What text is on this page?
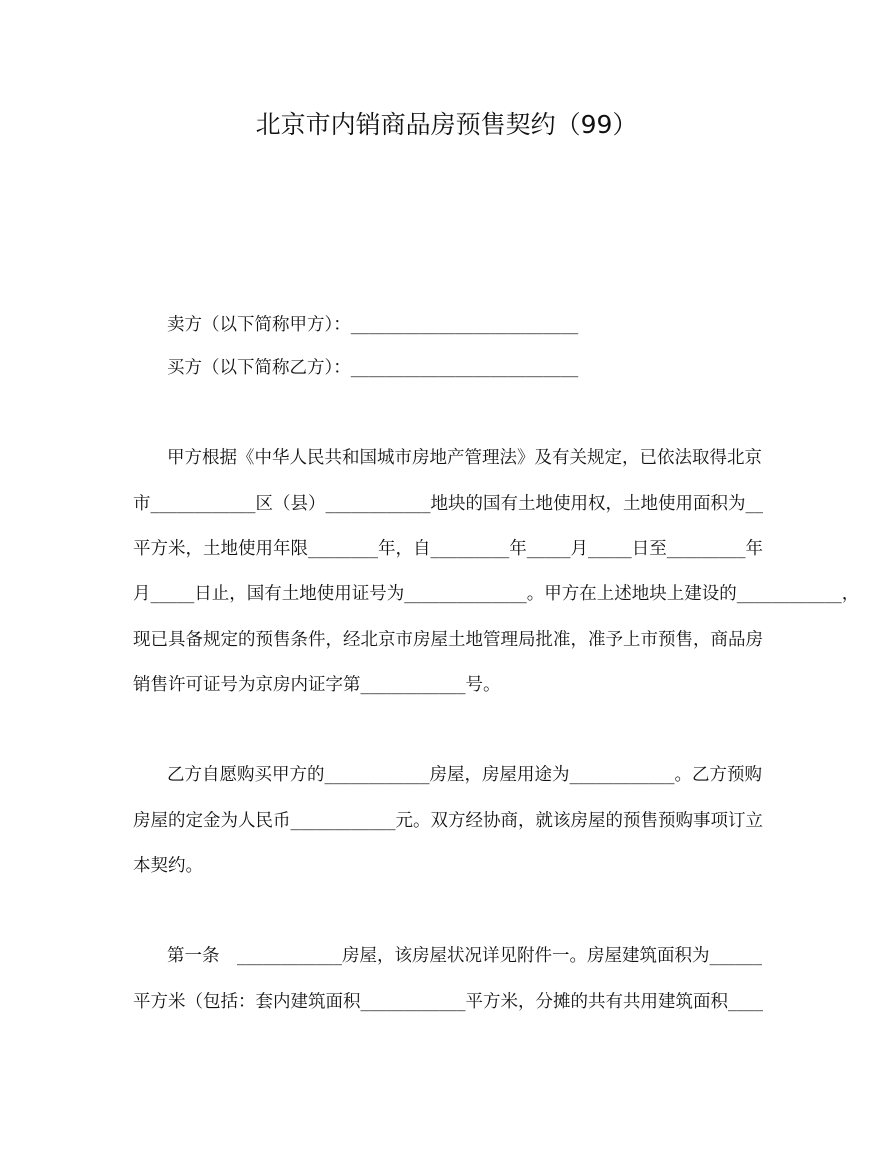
北京市内销商品房预售契约（99）
卖方（以下简称甲方）：__________________________
买方（以下简称乙方）：__________________________
甲方根据《中华人民共和国城市房地产管理法》及有关规定，已依法取得北京
市____________区（县）____________地块的国有土地使用权，土地使用面积为__
平方米，土地使用年限________年，自_________年_____月_____日至_________年
月_____日止，国有土地使用证号为______________。甲方在上述地块上建设的____________，
现已具备规定的预售条件，经北京市房屋土地管理局批准，准予上市预售，商品房
销售许可证号为京房内证字第____________号。
乙方自愿购买甲方的____________房屋，房屋用途为____________。乙方预购
房屋的定金为人民币____________元。双方经协商，就该房屋的预售预购事项订立
本契约。
第一条　____________房屋，该房屋状况详见附件一。房屋建筑面积为______
平方米（包括：套内建筑面积____________平方米，分摊的共有共用建筑面积____
